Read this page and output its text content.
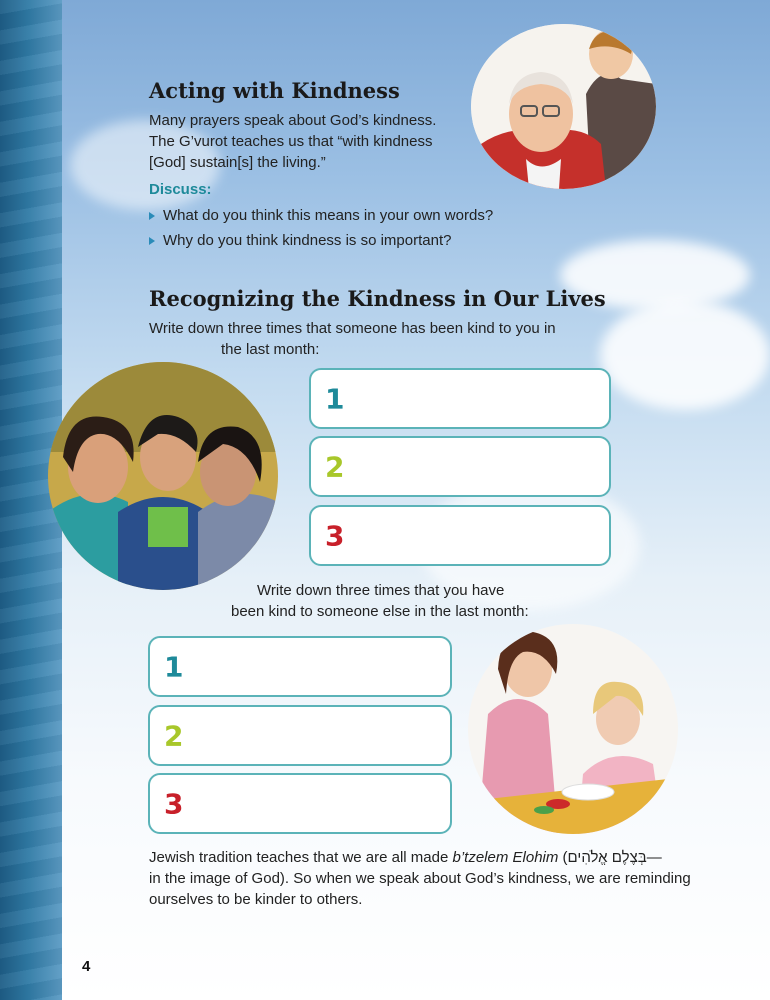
Acting with Kindness

Many prayers speak about God’s kindness.

The G’vurot teaches us that “with kindness

[God] sustain[s] the living.”

Discuss:
What do you think this means in your own words?
Why do you think kindness is so important?
Recognizing the Kindness in Our Lives

Write down three times that someone has been kind to you in

the last month:

1
2
3

Write down three times that you have

been kind to someone else in the last month:

1
2
3

Jewish tradition teaches that we are all made b’tzelem Elohim (בְּצֶלֶם אֱלֹהִים—

in the image of God). So when we speak about God’s kindness, we are reminding

ourselves to be kinder to others.

4
